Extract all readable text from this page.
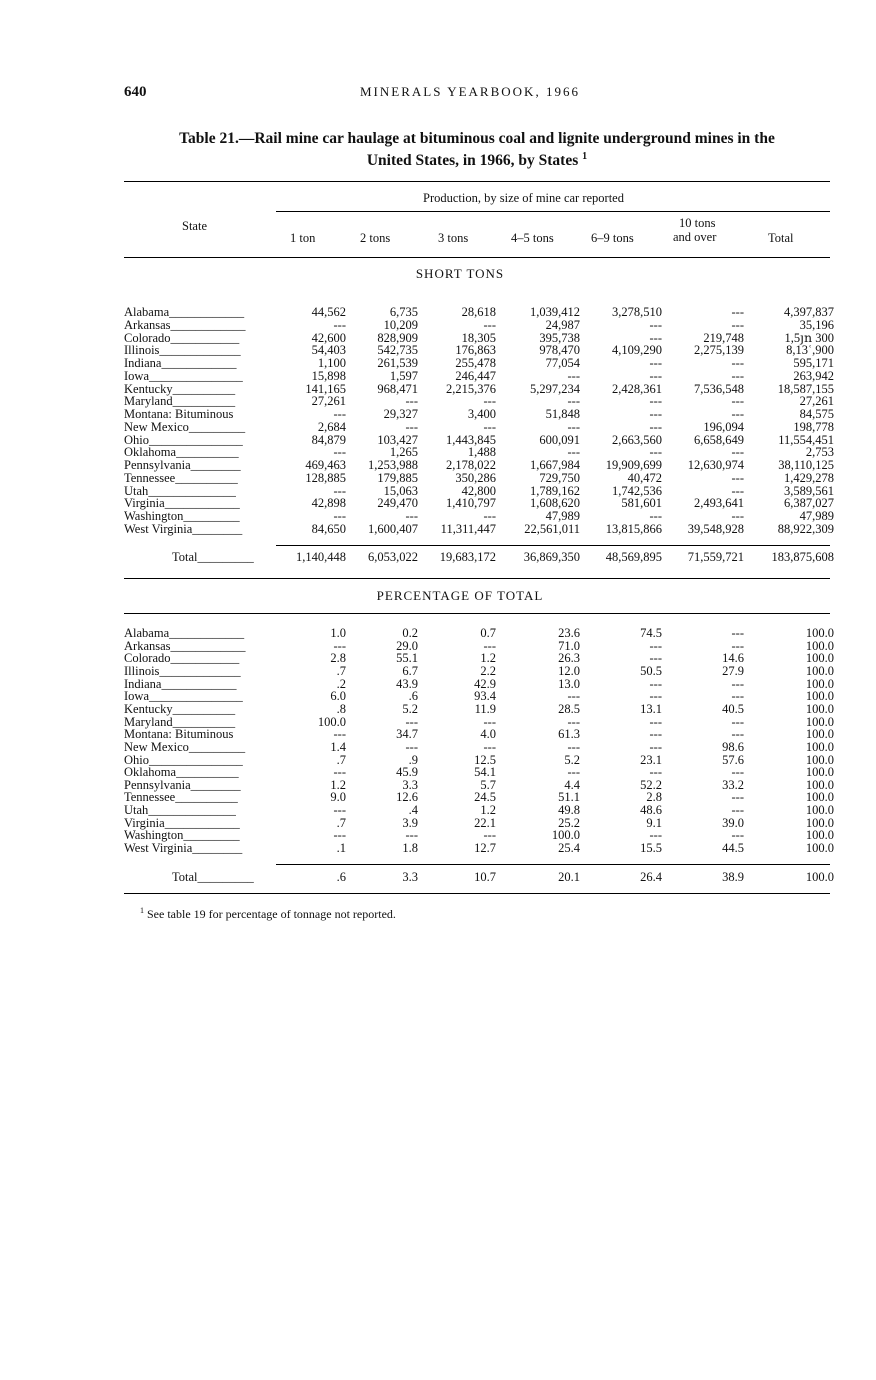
640	MINERALS YEARBOOK, 1966
Table 21.—Rail mine car haulage at bituminous coal and lignite underground mines in the
United States, in 1966, by States $^1$
State
Production, by size of mine car reported
1 ton	2 tons	3 tons	4–5 tons	6–9 tons
10 tons
and over	Total
SHORT TONS
Alabama____________	44,562	6,735	28,618	1,039,412	3,278,510	---	4,397,837
Arkansas____________	---	10,209	---	24,987	---	---	35,196
Colorado___________	42,600	828,909	18,305	395,738	---	219,748	1,5յո 300
Illinois_____________	54,403	542,735	176,863	978,470	4,109,290	2,275,139	8,13ʿ,900
Indiana____________	1,100	261,539	255,478	77,054	---	---	595,171
Iowa_______________	15,898	1,597	246,447	---	---	---	263,942
Kentucky__________	141,165	968,471 2,215,376	5,297,234	2,428,361	7,536,548	18,587,155
Maryland__________	27,261	---	---	---	---	---	27,261
Montana: Bituminous	---	29,327	3,400	51,848	---	---	84,575
New Mexico_________	2,684	---	---	---	---	196,094	198,778
Ohio_______________	84,879	103,427 1,443,845	600,091	2,663,560	6,658,649	11,554,451
Oklahoma__________	---	1,265	1,488	---	---	---	2,753
Pennsylvania________	469,463 1,253,988 2,178,022	1,667,984 19,909,699 12,630,974	38,110,125
Tennessee__________	128,885	179,885	350,286	729,750	40,472	---	1,429,278
Utah______________	---	15,063	42,800	1,789,162	1,742,536	---	3,589,561
Virginia____________	42,898	249,470 1,410,797	1,608,620	581,601	2,493,641	6,387,027
Washington_________	---	---	---	47,989	---	---	47,989
West Virginia________	84,650 1,600,407 11,311,447 22,561,011 13,815,866 39,548,928	88,922,309
Total_________	1,140,448 6,053,022 19,683,172 36,869,350 48,569,895 71,559,721 183,875,608
PERCENTAGE OF TOTAL
Alabama____________	1.0	0.2	0.7	23.6	74.5	---	100.0
Arkansas____________	---	29.0	---	71.0	---	---	100.0
Colorado___________	2.8	55.1	1.2	26.3	---	14.6	100.0
Illinois_____________	.7	6.7	2.2	12.0	50.5	27.9	100.0
Indiana____________	.2	43.9	42.9	13.0	---	---	100.0
Iowa_______________	6.0	.6	93.4	---	---	---	100.0
Kentucky__________	.8	5.2	11.9	28.5	13.1	40.5	100.0
Maryland__________	100.0	---	---	---	---	---	100.0
Montana: Bituminous	---	34.7	4.0	61.3	---	---	100.0
New Mexico_________	1.4	---	---	---	---	98.6	100.0
Ohio_______________	.7	.9	12.5	5.2	23.1	57.6	100.0
Oklahoma__________	---	45.9	54.1	---	---	---	100.0
Pennsylvania________	1.2	3.3	5.7	4.4	52.2	33.2	100.0
Tennessee__________	9.0	12.6	24.5	51.1	2.8	---	100.0
Utah______________	---	.4	1.2	49.8	48.6	---	100.0
Virginia____________	.7	3.9	22.1	25.2	9.1	39.0	100.0
Washington_________	---	---	---	100.0	---	---	100.0
West Virginia________	.1	1.8	12.7	25.4	15.5	44.5	100.0
Total_________	.6	3.3	10.7	20.1	26.4	38.9	100.0
$^1$ See table 19 for percentage of tonnage not reported.
